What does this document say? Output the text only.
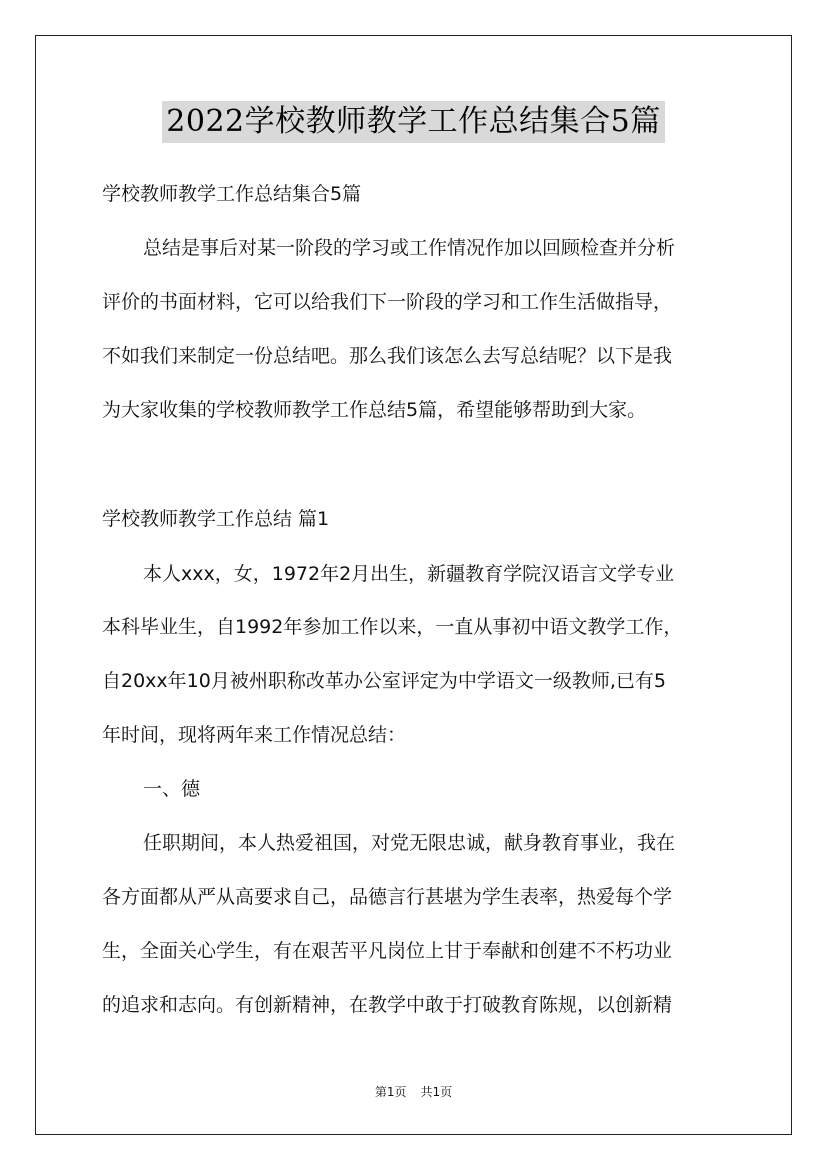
2022学校教师教学工作总结集合5篇
学校教师教学工作总结集合5篇
总结是事后对某一阶段的学习或工作情况作加以回顾检查并分析
评价的书面材料，它可以给我们下一阶段的学习和工作生活做指导，
不如我们来制定一份总结吧。那么我们该怎么去写总结呢？以下是我
为大家收集的学校教师教学工作总结5篇，希望能够帮助到大家。
学校教师教学工作总结 篇1
本人xxx，女，1972年2月出生，新疆教育学院汉语言文学专业
本科毕业生，自1992年参加工作以来，一直从事初中语文教学工作，
自20xx年10月被州职称改革办公室评定为中学语文一级教师,已有5
年时间，现将两年来工作情况总结：
一、德
任职期间，本人热爱祖国，对党无限忠诚，献身教育事业，我在
各方面都从严从高要求自己，品德言行甚堪为学生表率，热爱每个学
生，全面关心学生，有在艰苦平凡岗位上甘于奉献和创建不不朽功业
的追求和志向。有创新精神，在教学中敢于打破教育陈规，以创新精
第1页 共1页
